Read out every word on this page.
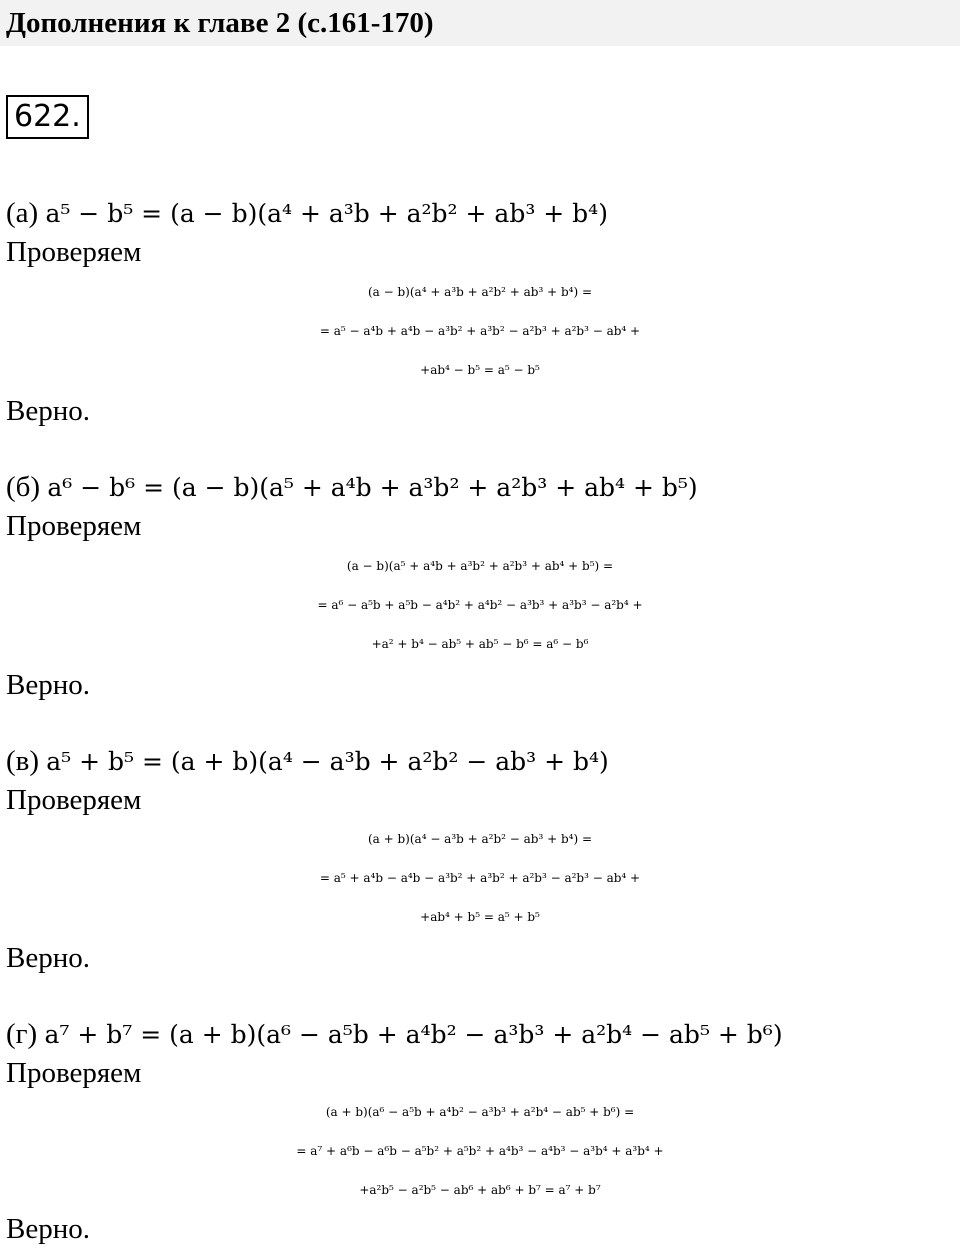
Дополнения к главе 2 (с.161-170)
622.
(а) a⁵ − b⁵ = (a − b)(a⁴ + a³b + a²b² + ab³ + b⁴)
Проверяем
(a − b)(a⁴ + a³b + a²b² + ab³ + b⁴) =
= a⁵ − a⁴b + a⁴b − a³b² + a³b² − a²b³ + a²b³ − ab⁴ +
+ab⁴ − b⁵ = a⁵ − b⁵
Верно.
(б) a⁶ − b⁶ = (a − b)(a⁵ + a⁴b + a³b² + a²b³ + ab⁴ + b⁵)
Проверяем
(a − b)(a⁵ + a⁴b + a³b² + a²b³ + ab⁴ + b⁵) =
= a⁶ − a⁵b + a⁵b − a⁴b² + a⁴b² − a³b³ + a³b³ − a²b⁴ +
+a² + b⁴ − ab⁵ + ab⁵ − b⁶ = a⁶ − b⁶
Верно.
(в) a⁵ + b⁵ = (a + b)(a⁴ − a³b + a²b² − ab³ + b⁴)
Проверяем
(a + b)(a⁴ − a³b + a²b² − ab³ + b⁴) =
= a⁵ + a⁴b − a⁴b − a³b² + a³b² + a²b³ − a²b³ − ab⁴ +
+ab⁴ + b⁵ = a⁵ + b⁵
Верно.
(г) a⁷ + b⁷ = (a + b)(a⁶ − a⁵b + a⁴b² − a³b³ + a²b⁴ − ab⁵ + b⁶)
Проверяем
(a + b)(a⁶ − a⁵b + a⁴b² − a³b³ + a²b⁴ − ab⁵ + b⁶) =
= a⁷ + a⁶b − a⁶b − a⁵b² + a⁵b² + a⁴b³ − a⁴b³ − a³b⁴ + a³b⁴ +
+a²b⁵ − a²b⁵ − ab⁶ + ab⁶ + b⁷ = a⁷ + b⁷
Верно.
